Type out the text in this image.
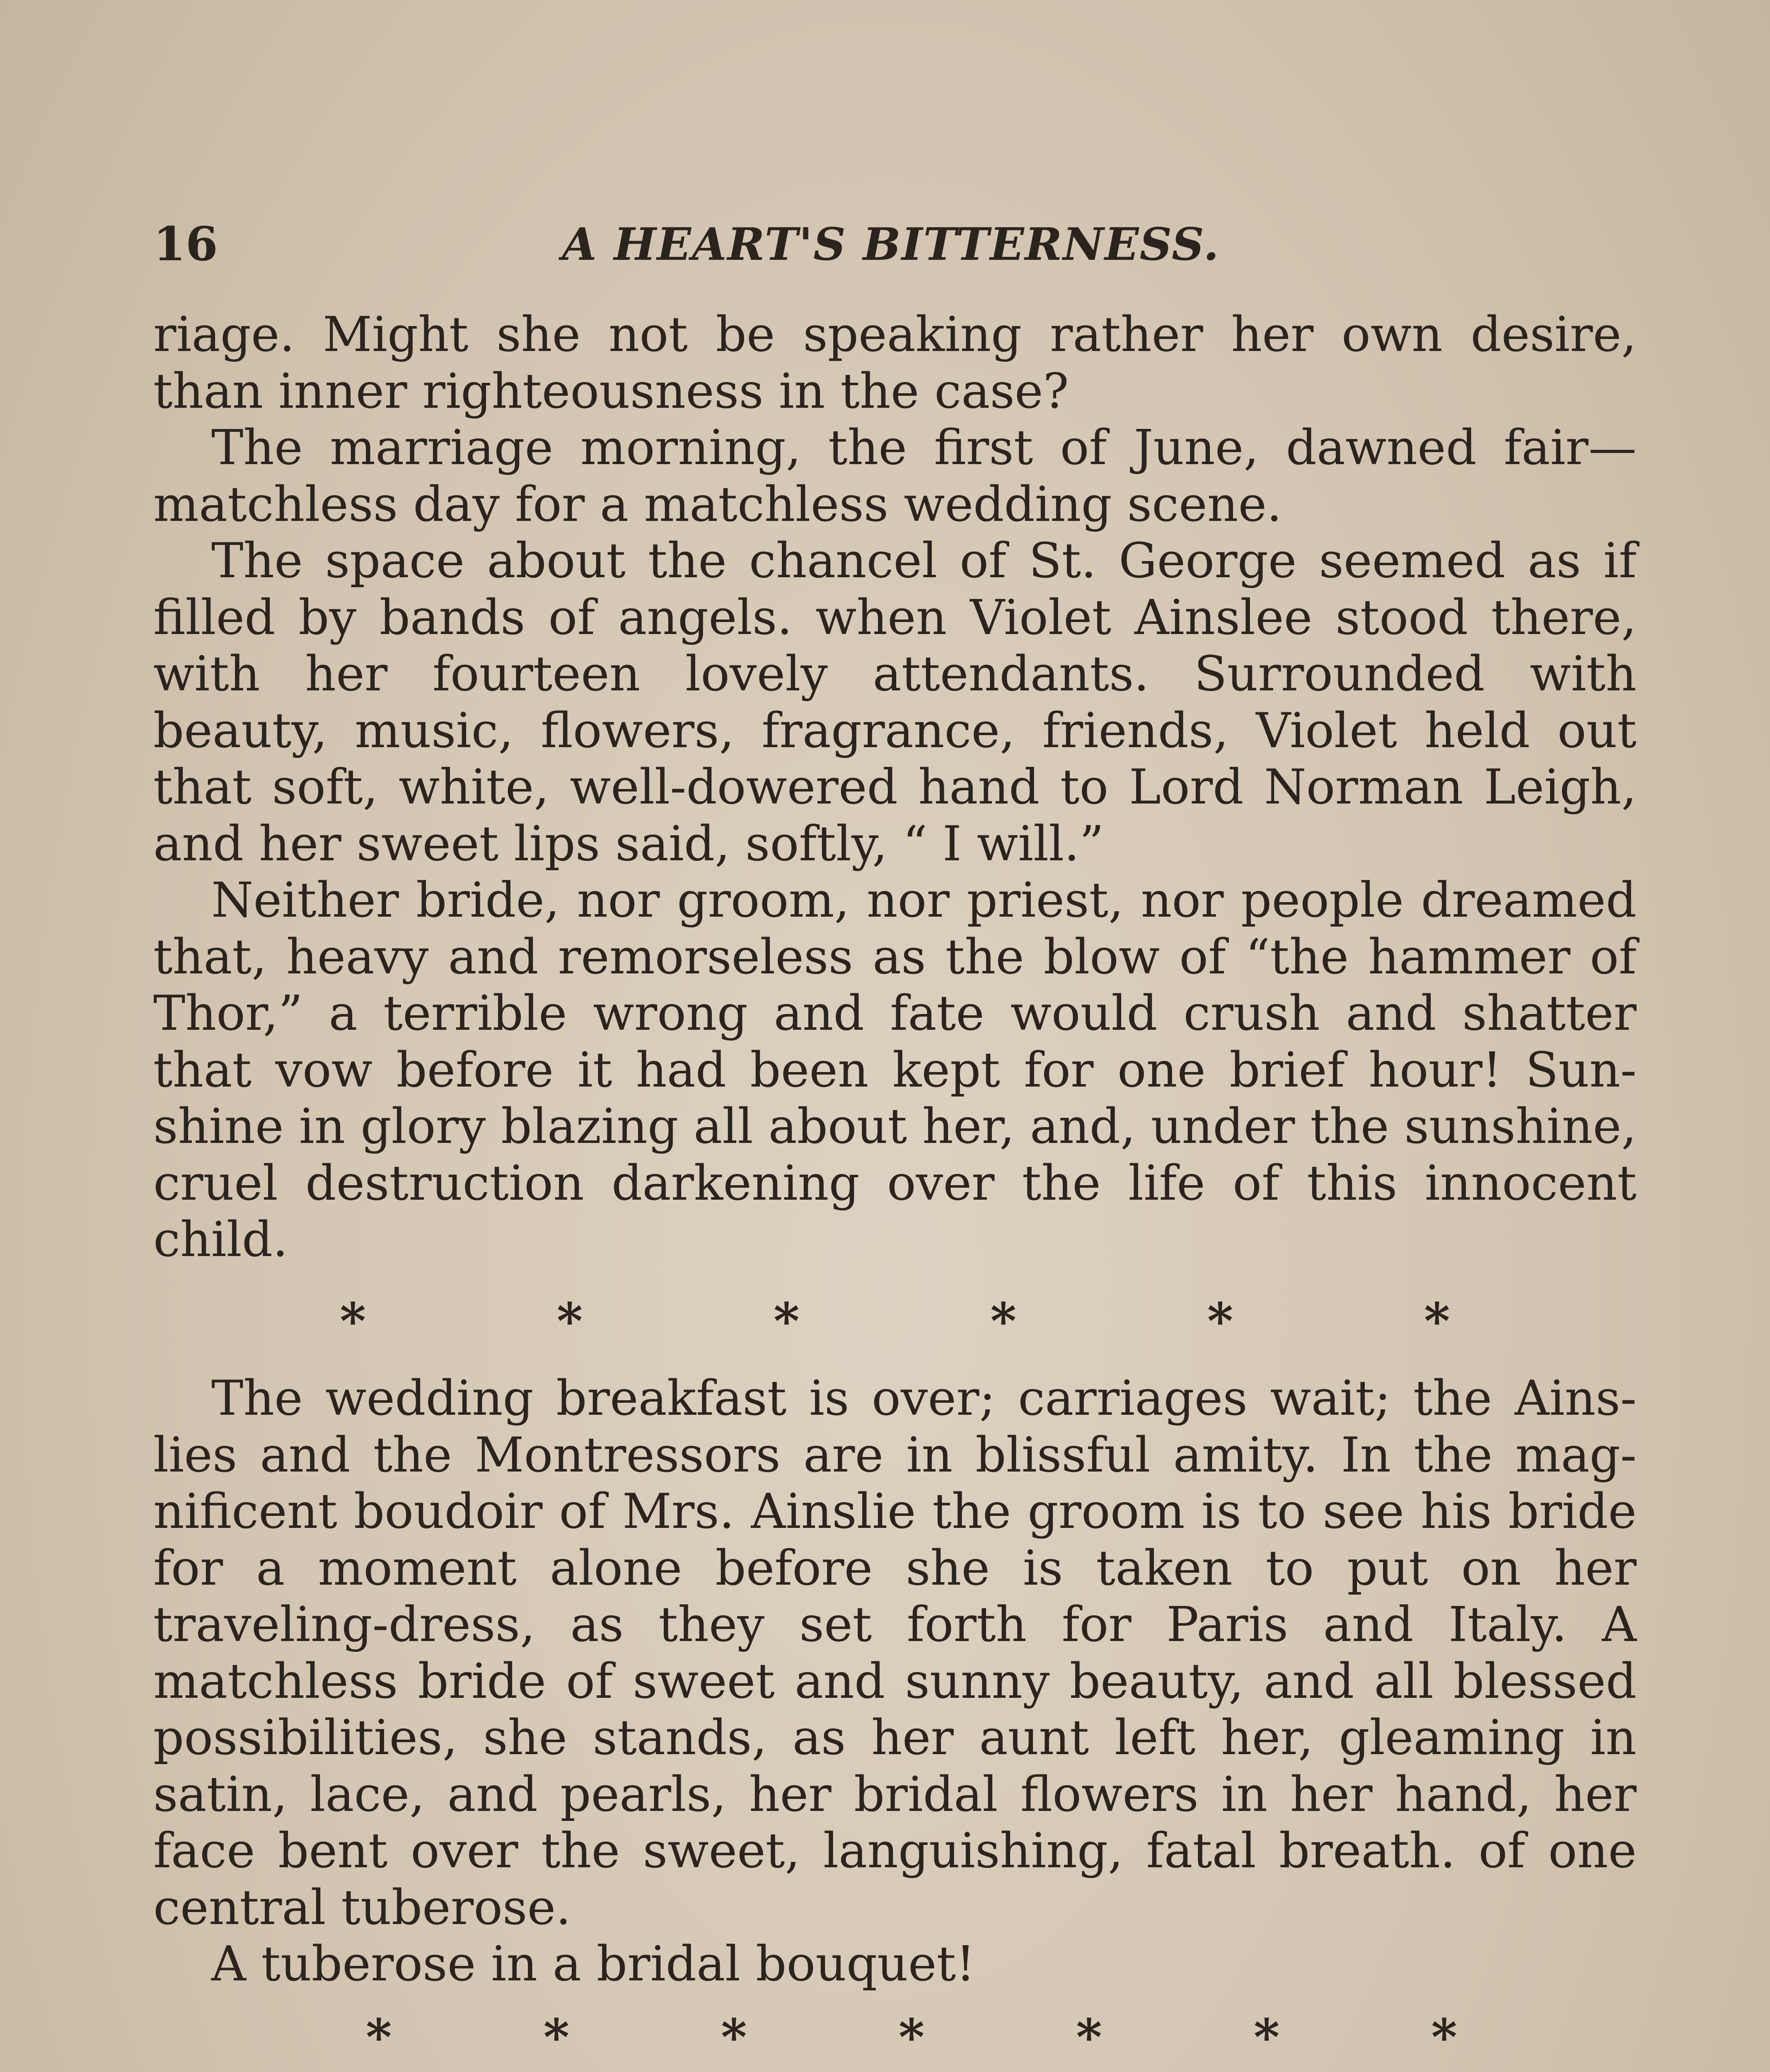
16	A HEART'S BITTERNESS.

riage. Might she not be speaking rather her own desire, than inner righteousness in the case?

The marriage morning, the first of June, dawned fair— matchless day for a matchless wedding scene.

The space about the chancel of St. George seemed as if filled by bands of angels. when Violet Ainslee stood there, with her fourteen lovely attendants. Surrounded with beauty, music, flowers, fragrance, friends, Violet held out that soft, white, well-dowered hand to Lord Norman Leigh, and her sweet lips said, softly, “ I will.”

Neither bride, nor groom, nor priest, nor people dreamed that, heavy and remorseless as the blow of “the hammer of Thor,” a terrible wrong and fate would crush and shatter that vow before it had been kept for one brief hour! Sunshine in glory blazing all about her, and, under the sunshine, cruel destruction darkening over the life of this innocent child.

*	*	*	*	*	*

The wedding breakfast is over; carriages wait; the Ainslies and the Montressors are in blissful amity. In the magnificent boudoir of Mrs. Ainslie the groom is to see his bride for a moment alone before she is taken to put on her traveling-dress, as they set forth for Paris and Italy. A matchless bride of sweet and sunny beauty, and all blessed possibilities, she stands, as her aunt left her, gleaming in satin, lace, and pearls, her bridal flowers in her hand, her face bent over the sweet, languishing, fatal breath. of one central tuberose.

A tuberose in a bridal bouquet!

*	*	*	*	*	*	*
